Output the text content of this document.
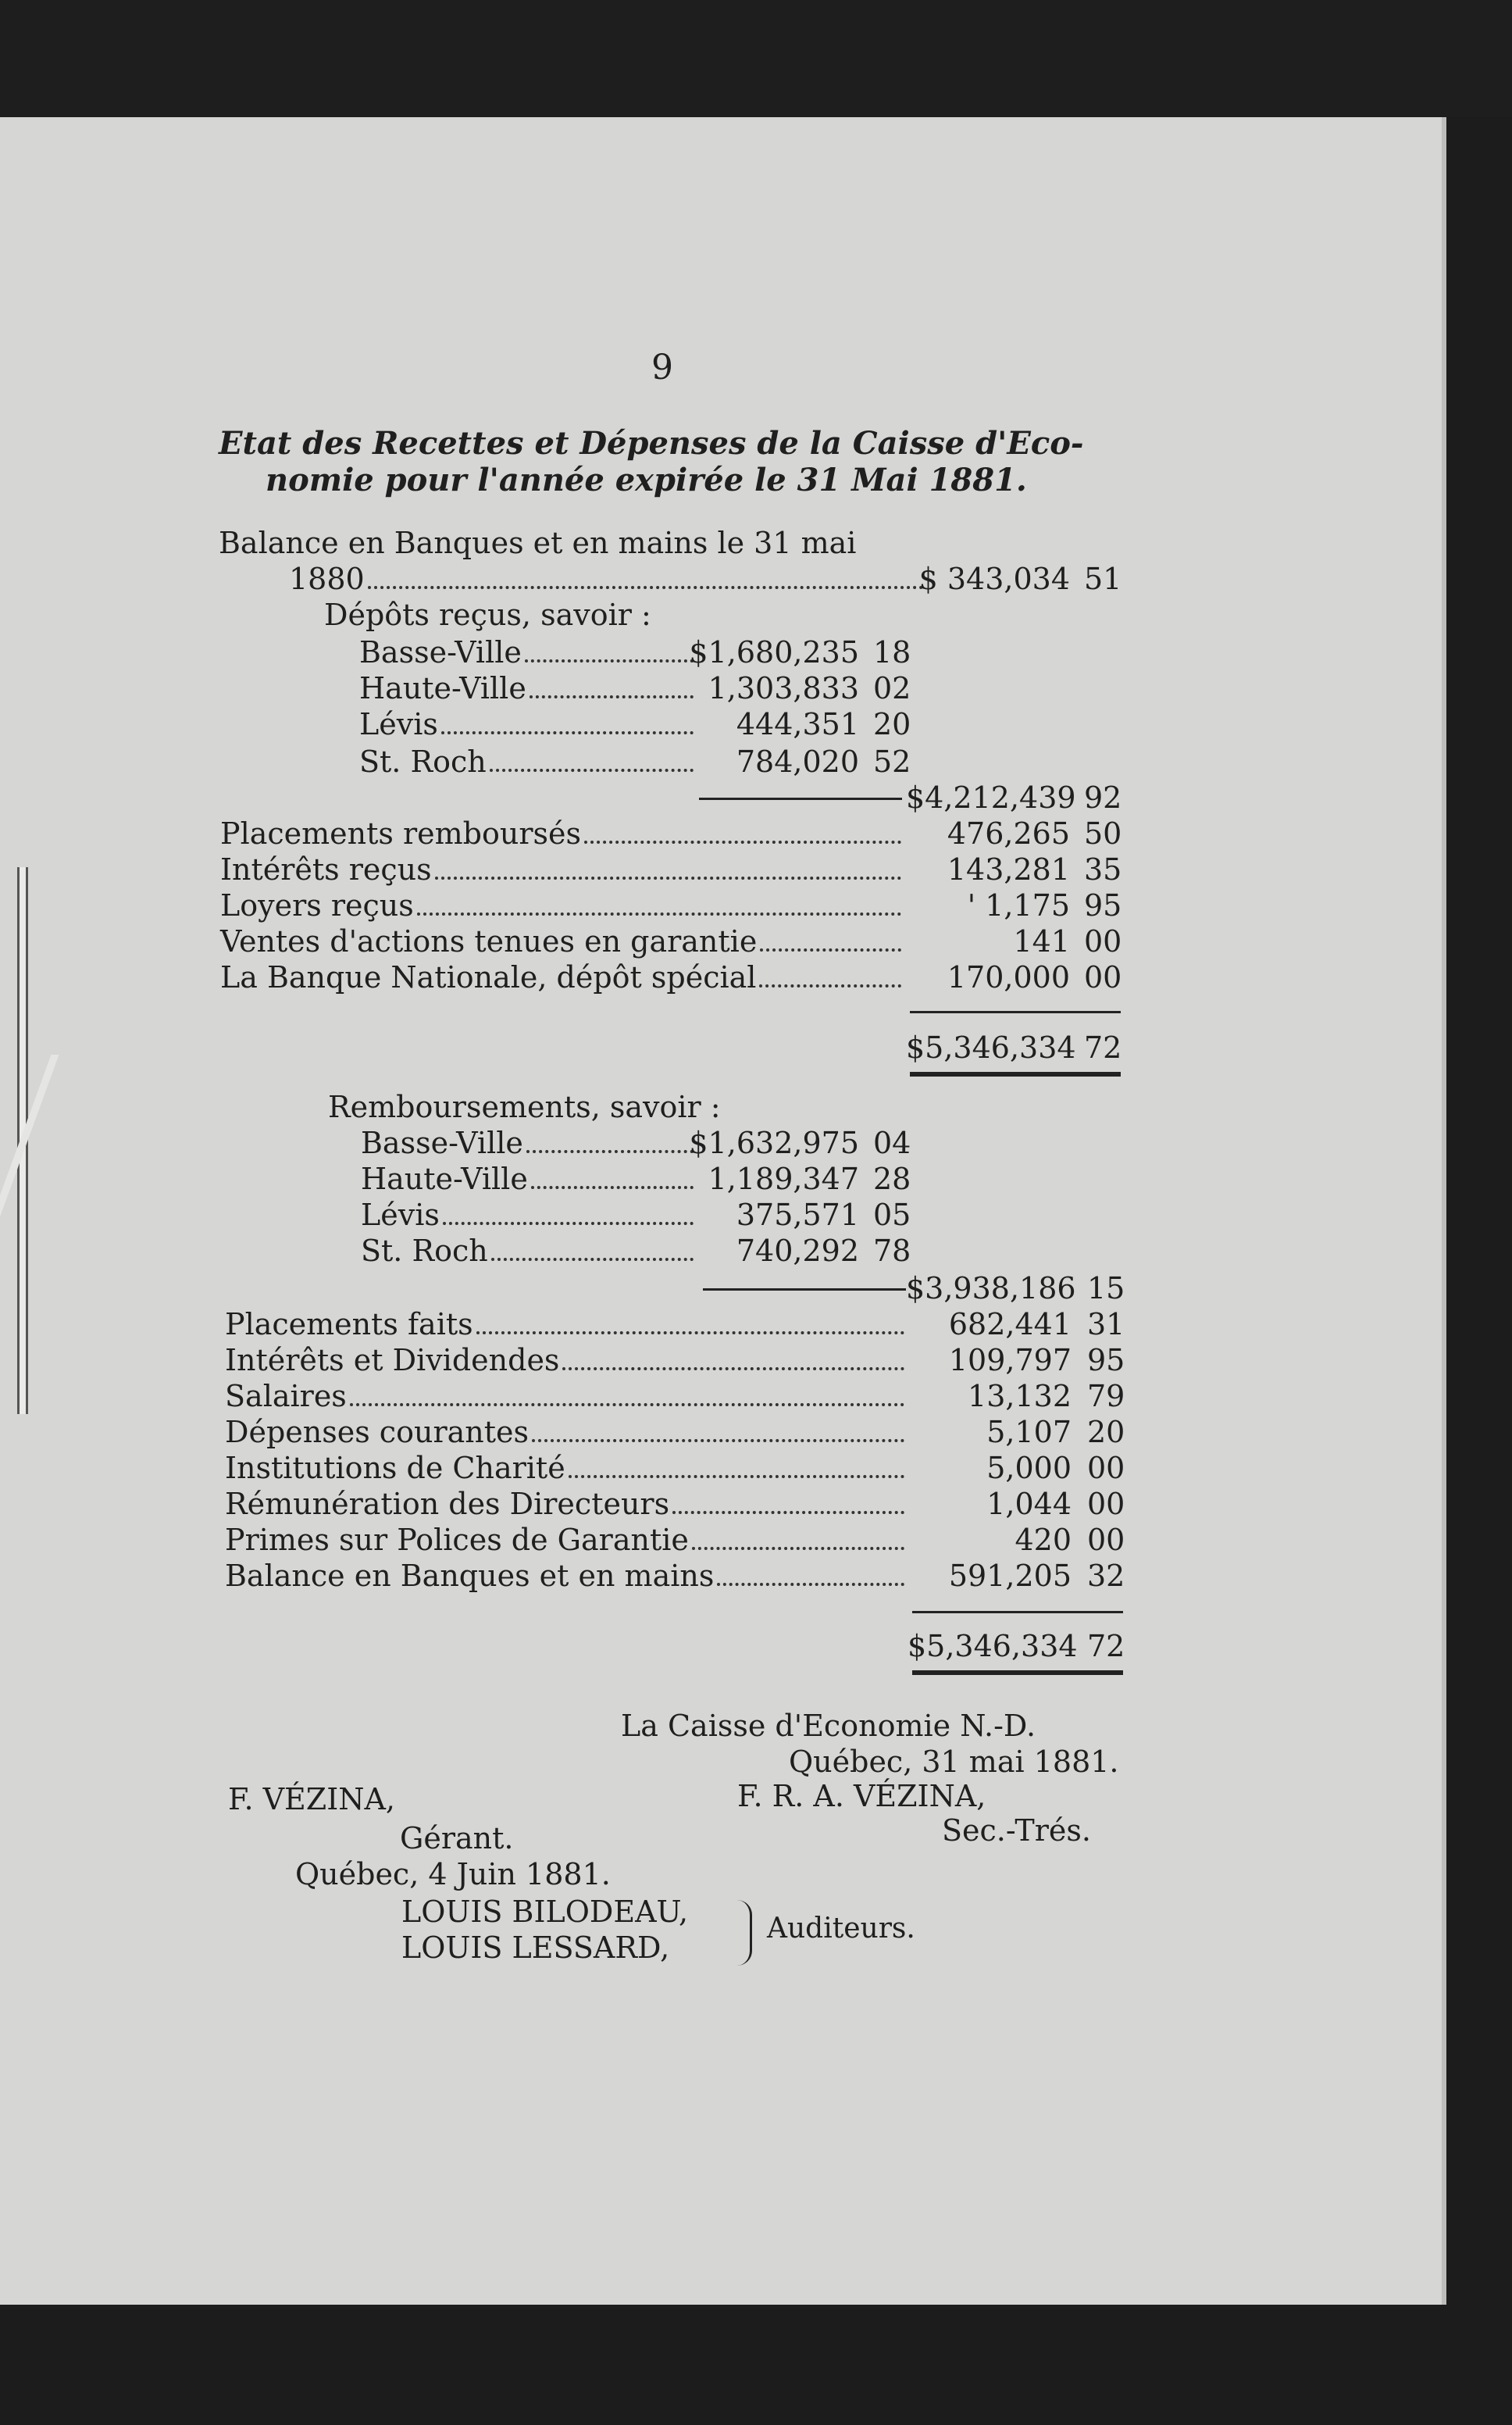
9
Etat des Recettes et Dépenses de la Caisse d'Eco-
nomie pour l'année expirée le 31 Mai 1881.
Balance en Banques et en mains le 31 mai
1880	$ 343,034 51
Dépôts reçus, savoir :
Basse-Ville	$1,680,235 18
Haute-Ville	1,303,833 02
Lévis	444,351 20
St. Roch	784,020 52
$4,212,439 92
Placements remboursés	476,265 50
Intérêts reçus	143,281 35
Loyers reçus	' 1,175 95
Ventes d'actions tenues en garantie	141 00
La Banque Nationale, dépôt spécial	170,000 00
$5,346,334 72
Remboursements, savoir :
Basse-Ville	$1,632,975 04
Haute-Ville	1,189,347 28
Lévis	375,571 05
St. Roch	740,292 78
$3,938,186 15
Placements faits	682,441 31
Intérêts et Dividendes	109,797 95
Salaires	13,132 79
Dépenses courantes	5,107 20
Institutions de Charité	5,000 00
Rémunération des Directeurs	1,044 00
Primes sur Polices de Garantie	420 00
Balance en Banques et en mains	591,205 32
$5,346,334 72
La Caisse d'Economie N.-D.
Québec, 31 mai 1881.
F. VÉZINA,	F. R. A. VÉZINA,
Gérant.	Sec.-Trés.
Québec, 4 Juin 1881.
LOUIS BILODEAU,
LOUIS LESSARD,
Auditeurs.
